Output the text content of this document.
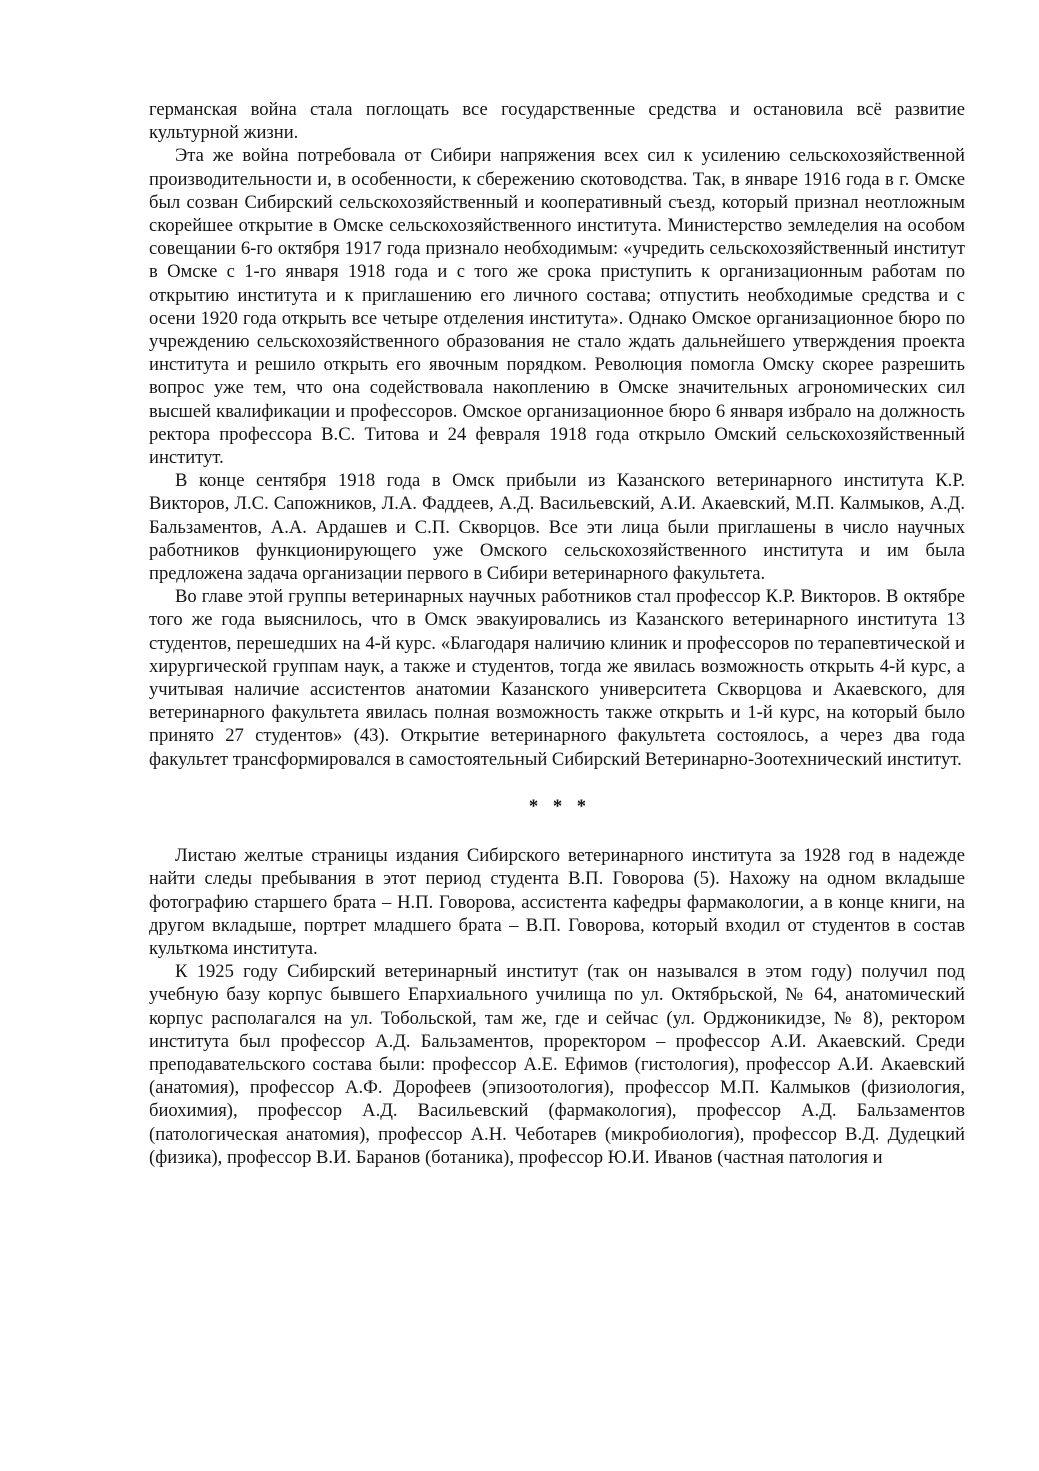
германская война стала поглощать все государственные средства и остановила всё развитие культурной жизни.

Эта же война потребовала от Сибири напряжения всех сил к усилению сельскохозяйственной производительности и, в особенности, к сбережению скотоводства. Так, в январе 1916 года в г. Омске был созван Сибирский сельскохозяйственный и кооперативный съезд, который признал неотложным скорейшее открытие в Омске сельскохозяйственного института. Министерство земледелия на особом совещании 6-го октября 1917 года признало необходимым: «учредить сельскохозяйственный институт в Омске с 1-го января 1918 года и с того же срока приступить к организационным работам по открытию института и к приглашению его личного состава; отпустить необходимые средства и с осени 1920 года открыть все четыре отделения института». Однако Омское организационное бюро по учреждению сельскохозяйственного образования не стало ждать дальнейшего утверждения проекта института и решило открыть его явочным порядком. Революция помогла Омску скорее разрешить вопрос уже тем, что она содействовала накоплению в Омске значительных агрономических сил высшей квалификации и профессоров. Омское организационное бюро 6 января избрало на должность ректора профессора В.С. Титова и 24 февраля 1918 года открыло Омский сельскохозяйственный институт.

В конце сентября 1918 года в Омск прибыли из Казанского ветеринарного института К.Р. Викторов, Л.С. Сапожников, Л.А. Фаддеев, А.Д. Васильевский, А.И. Акаевский, М.П. Калмыков, А.Д. Бальзаментов, А.А. Ардашев и С.П. Скворцов. Все эти лица были приглашены в число научных работников функционирующего уже Омского сельскохозяйственного института и им была предложена задача организации первого в Сибири ветеринарного факультета.

Во главе этой группы ветеринарных научных работников стал профессор К.Р. Викторов. В октябре того же года выяснилось, что в Омск эвакуировались из Казанского ветеринарного института 13 студентов, перешедших на 4-й курс. «Благодаря наличию клиник и профессоров по терапевтической и хирургической группам наук, а также и студентов, тогда же явилась возможность открыть 4-й курс, а учитывая наличие ассистентов анатомии Казанского университета Скворцова и Акаевского, для ветеринарного факультета явилась полная возможность также открыть и 1-й курс, на который было принято 27 студентов» (43). Открытие ветеринарного факультета состоялось, а через два года факультет трансформировался в самостоятельный Сибирский Ветеринарно-Зоотехнический институт.

* * *

Листаю желтые страницы издания Сибирского ветеринарного института за 1928 год в надежде найти следы пребывания в этот период студента В.П. Говорова (5). Нахожу на одном вкладыше фотографию старшего брата – Н.П. Говорова, ассистента кафедры фармакологии, а в конце книги, на другом вкладыше, портрет младшего брата – В.П. Говорова, который входил от студентов в состав культкома института.

К 1925 году Сибирский ветеринарный институт (так он назывался в этом году) получил под учебную базу корпус бывшего Епархиального училища по ул. Октябрьской, № 64, анатомический корпус располагался на ул. Тобольской, там же, где и сейчас (ул. Орджоникидзе, № 8), ректором института был профессор А.Д. Бальзаментов, проректором – профессор А.И. Акаевский. Среди преподавательского состава были: профессор А.Е. Ефимов (гистология), профессор А.И. Акаевский (анатомия), профессор А.Ф. Дорофеев (эпизоотология), профессор М.П. Калмыков (физиология, биохимия), профессор А.Д. Васильевский (фармакология), профессор А.Д. Бальзаментов (патологическая анатомия), профессор А.Н. Чеботарев (микробиология), профессор В.Д. Дудецкий (физика), профессор В.И. Баранов (ботаника), профессор Ю.И. Иванов (частная патология и
